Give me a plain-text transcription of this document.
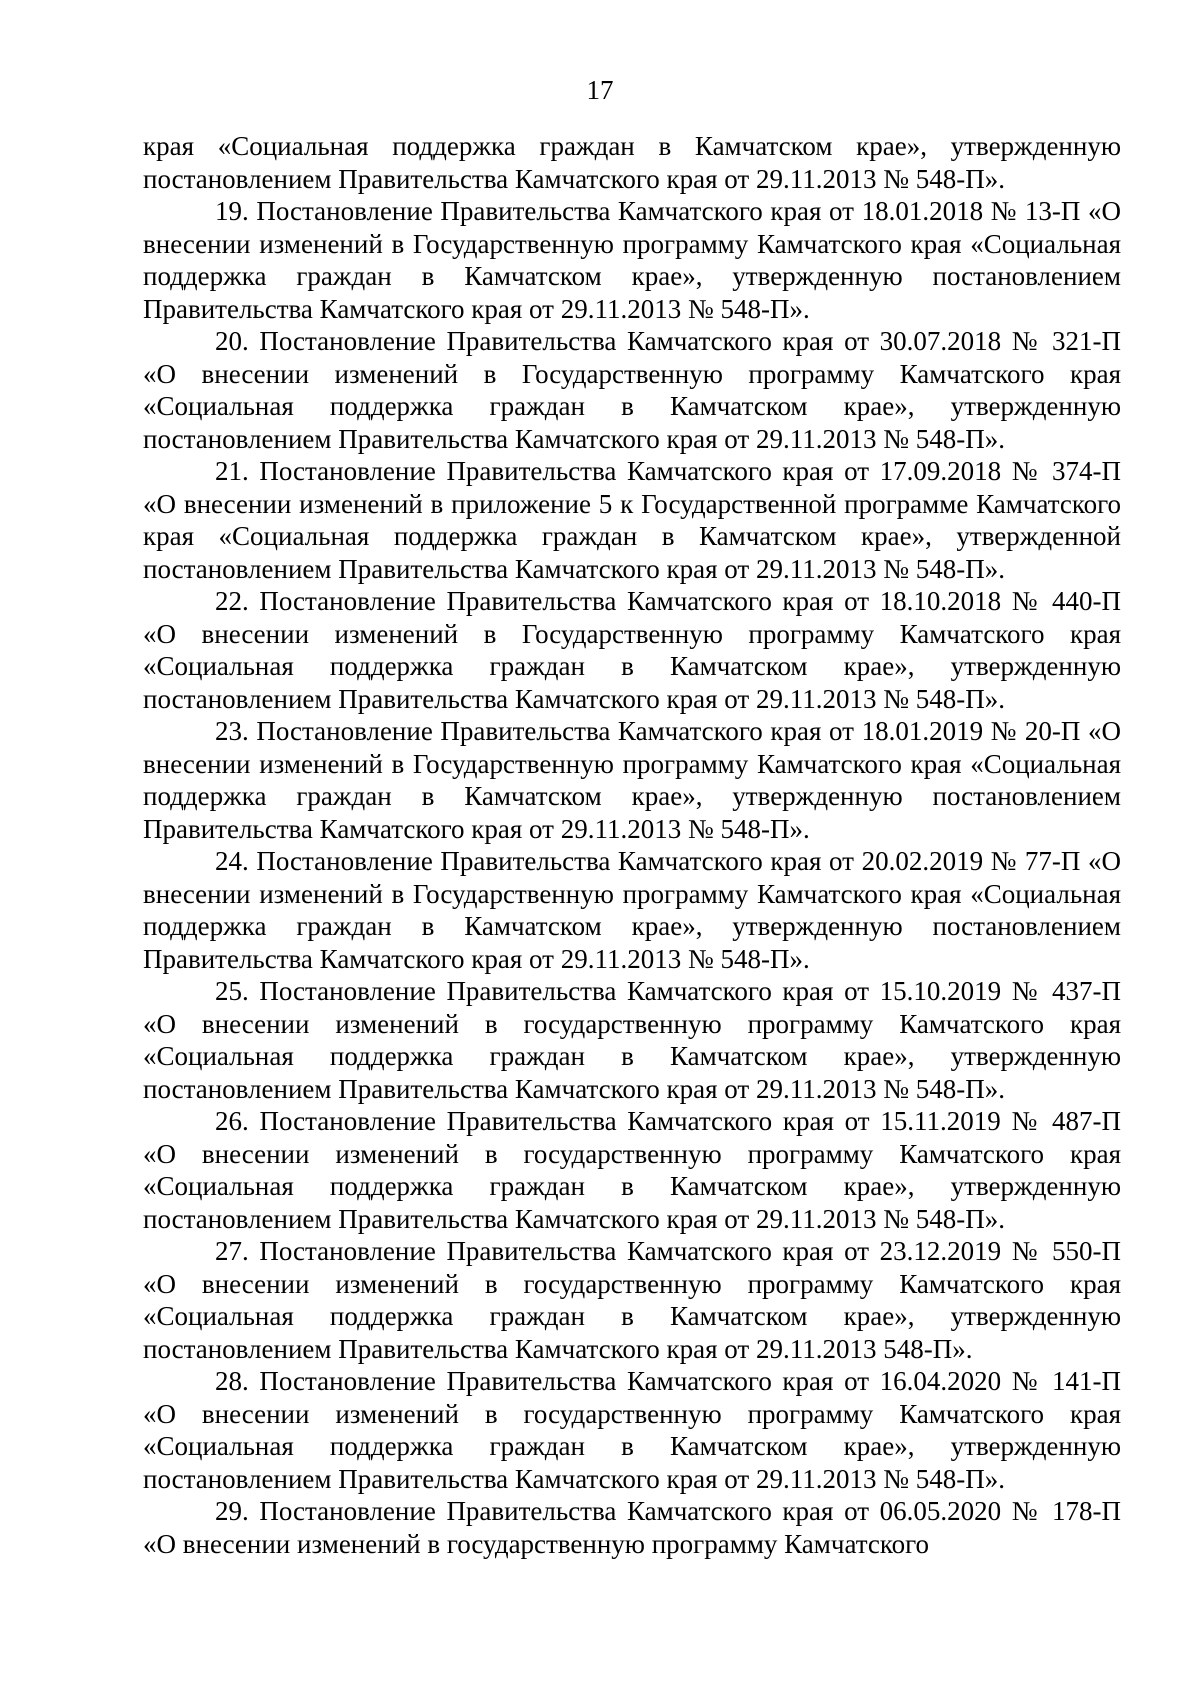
17

края «Социальная поддержка граждан в Камчатском крае», утвержденную постановлением Правительства Камчатского края от 29.11.2013 № 548-П».

19. Постановление Правительства Камчатского края от 18.01.2018 № 13-П «О внесении изменений в Государственную программу Камчатского края «Социальная поддержка граждан в Камчатском крае», утвержденную постановлением Правительства Камчатского края от 29.11.2013 № 548-П».

20. Постановление Правительства Камчатского края от 30.07.2018 № 321-П «О внесении изменений в Государственную программу Камчатского края «Социальная поддержка граждан в Камчатском крае», утвержденную постановлением Правительства Камчатского края от 29.11.2013 № 548-П».

21. Постановление Правительства Камчатского края от 17.09.2018 № 374-П «О внесении изменений в приложение 5 к Государственной программе Камчатского края «Социальная поддержка граждан в Камчатском крае», утвержденной постановлением Правительства Камчатского края от 29.11.2013 № 548-П».

22. Постановление Правительства Камчатского края от 18.10.2018 № 440-П «О внесении изменений в Государственную программу Камчатского края «Социальная поддержка граждан в Камчатском крае», утвержденную постановлением Правительства Камчатского края от 29.11.2013 № 548-П».

23. Постановление Правительства Камчатского края от 18.01.2019 № 20-П «О внесении изменений в Государственную программу Камчатского края «Социальная поддержка граждан в Камчатском крае», утвержденную постановлением Правительства Камчатского края от 29.11.2013 № 548-П».

24. Постановление Правительства Камчатского края от 20.02.2019 № 77-П «О внесении изменений в Государственную программу Камчатского края «Социальная поддержка граждан в Камчатском крае», утвержденную постановлением Правительства Камчатского края от 29.11.2013 № 548-П».

25. Постановление Правительства Камчатского края от 15.10.2019 № 437-П «О внесении изменений в государственную программу Камчатского края «Социальная поддержка граждан в Камчатском крае», утвержденную постановлением Правительства Камчатского края от 29.11.2013 № 548-П».

26. Постановление Правительства Камчатского края от 15.11.2019 № 487-П «О внесении изменений в государственную программу Камчатского края «Социальная поддержка граждан в Камчатском крае», утвержденную постановлением Правительства Камчатского края от 29.11.2013 № 548-П».

27. Постановление Правительства Камчатского края от 23.12.2019 № 550-П «О внесении изменений в государственную программу Камчатского края «Социальная поддержка граждан в Камчатском крае», утвержденную постановлением Правительства Камчатского края от 29.11.2013 548-П».

28. Постановление Правительства Камчатского края от 16.04.2020 № 141-П «О внесении изменений в государственную программу Камчатского края «Социальная поддержка граждан в Камчатском крае», утвержденную постановлением Правительства Камчатского края от 29.11.2013 № 548-П».

29. Постановление Правительства Камчатского края от 06.05.2020 № 178-П «О внесении изменений в государственную программу Камчатского
